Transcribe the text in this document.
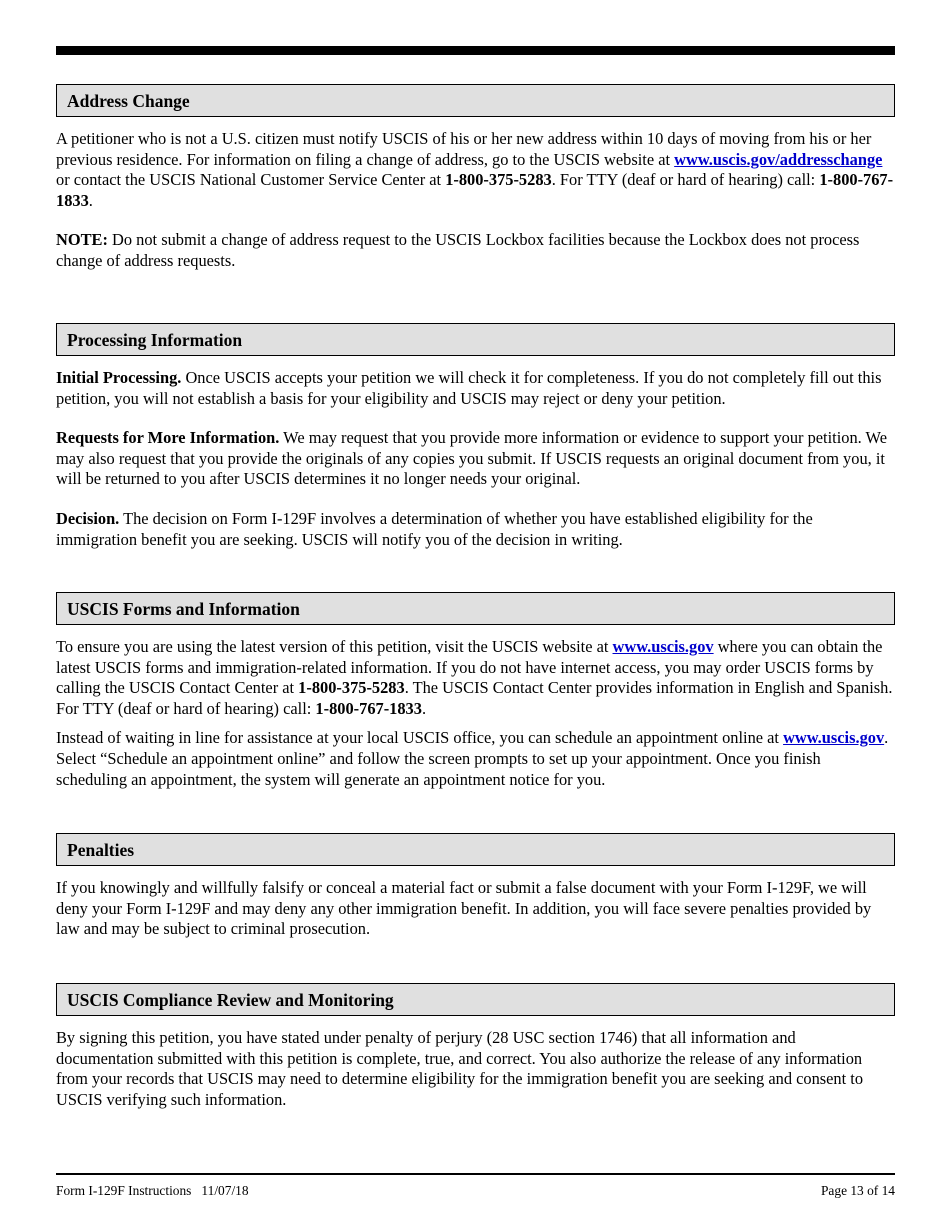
Address Change

A petitioner who is not a U.S. citizen must notify USCIS of his or her new address within 10 days of moving from his or her previous residence. For information on filing a change of address, go to the USCIS website at www.uscis.gov/addresschange or contact the USCIS National Customer Service Center at 1-800-375-5283. For TTY (deaf or hard of hearing) call: 1-800-767-1833.

NOTE: Do not submit a change of address request to the USCIS Lockbox facilities because the Lockbox does not process change of address requests.

Processing Information

Initial Processing. Once USCIS accepts your petition we will check it for completeness. If you do not completely fill out this petition, you will not establish a basis for your eligibility and USCIS may reject or deny your petition.

Requests for More Information. We may request that you provide more information or evidence to support your petition. We may also request that you provide the originals of any copies you submit. If USCIS requests an original document from you, it will be returned to you after USCIS determines it no longer needs your original.

Decision. The decision on Form I-129F involves a determination of whether you have established eligibility for the immigration benefit you are seeking. USCIS will notify you of the decision in writing.

USCIS Forms and Information

To ensure you are using the latest version of this petition, visit the USCIS website at www.uscis.gov where you can obtain the latest USCIS forms and immigration-related information. If you do not have internet access, you may order USCIS forms by calling the USCIS Contact Center at 1-800-375-5283. The USCIS Contact Center provides information in English and Spanish. For TTY (deaf or hard of hearing) call: 1-800-767-1833.

Instead of waiting in line for assistance at your local USCIS office, you can schedule an appointment online at www.uscis.gov. Select “Schedule an appointment online” and follow the screen prompts to set up your appointment. Once you finish scheduling an appointment, the system will generate an appointment notice for you.

Penalties

If you knowingly and willfully falsify or conceal a material fact or submit a false document with your Form I-129F, we will deny your Form I-129F and may deny any other immigration benefit. In addition, you will face severe penalties provided by law and may be subject to criminal prosecution.

USCIS Compliance Review and Monitoring

By signing this petition, you have stated under penalty of perjury (28 USC section 1746) that all information and documentation submitted with this petition is complete, true, and correct. You also authorize the release of any information from your records that USCIS may need to determine eligibility for the immigration benefit you are seeking and consent to USCIS verifying such information.

Form I-129F Instructions   11/07/18	Page 13 of 14
